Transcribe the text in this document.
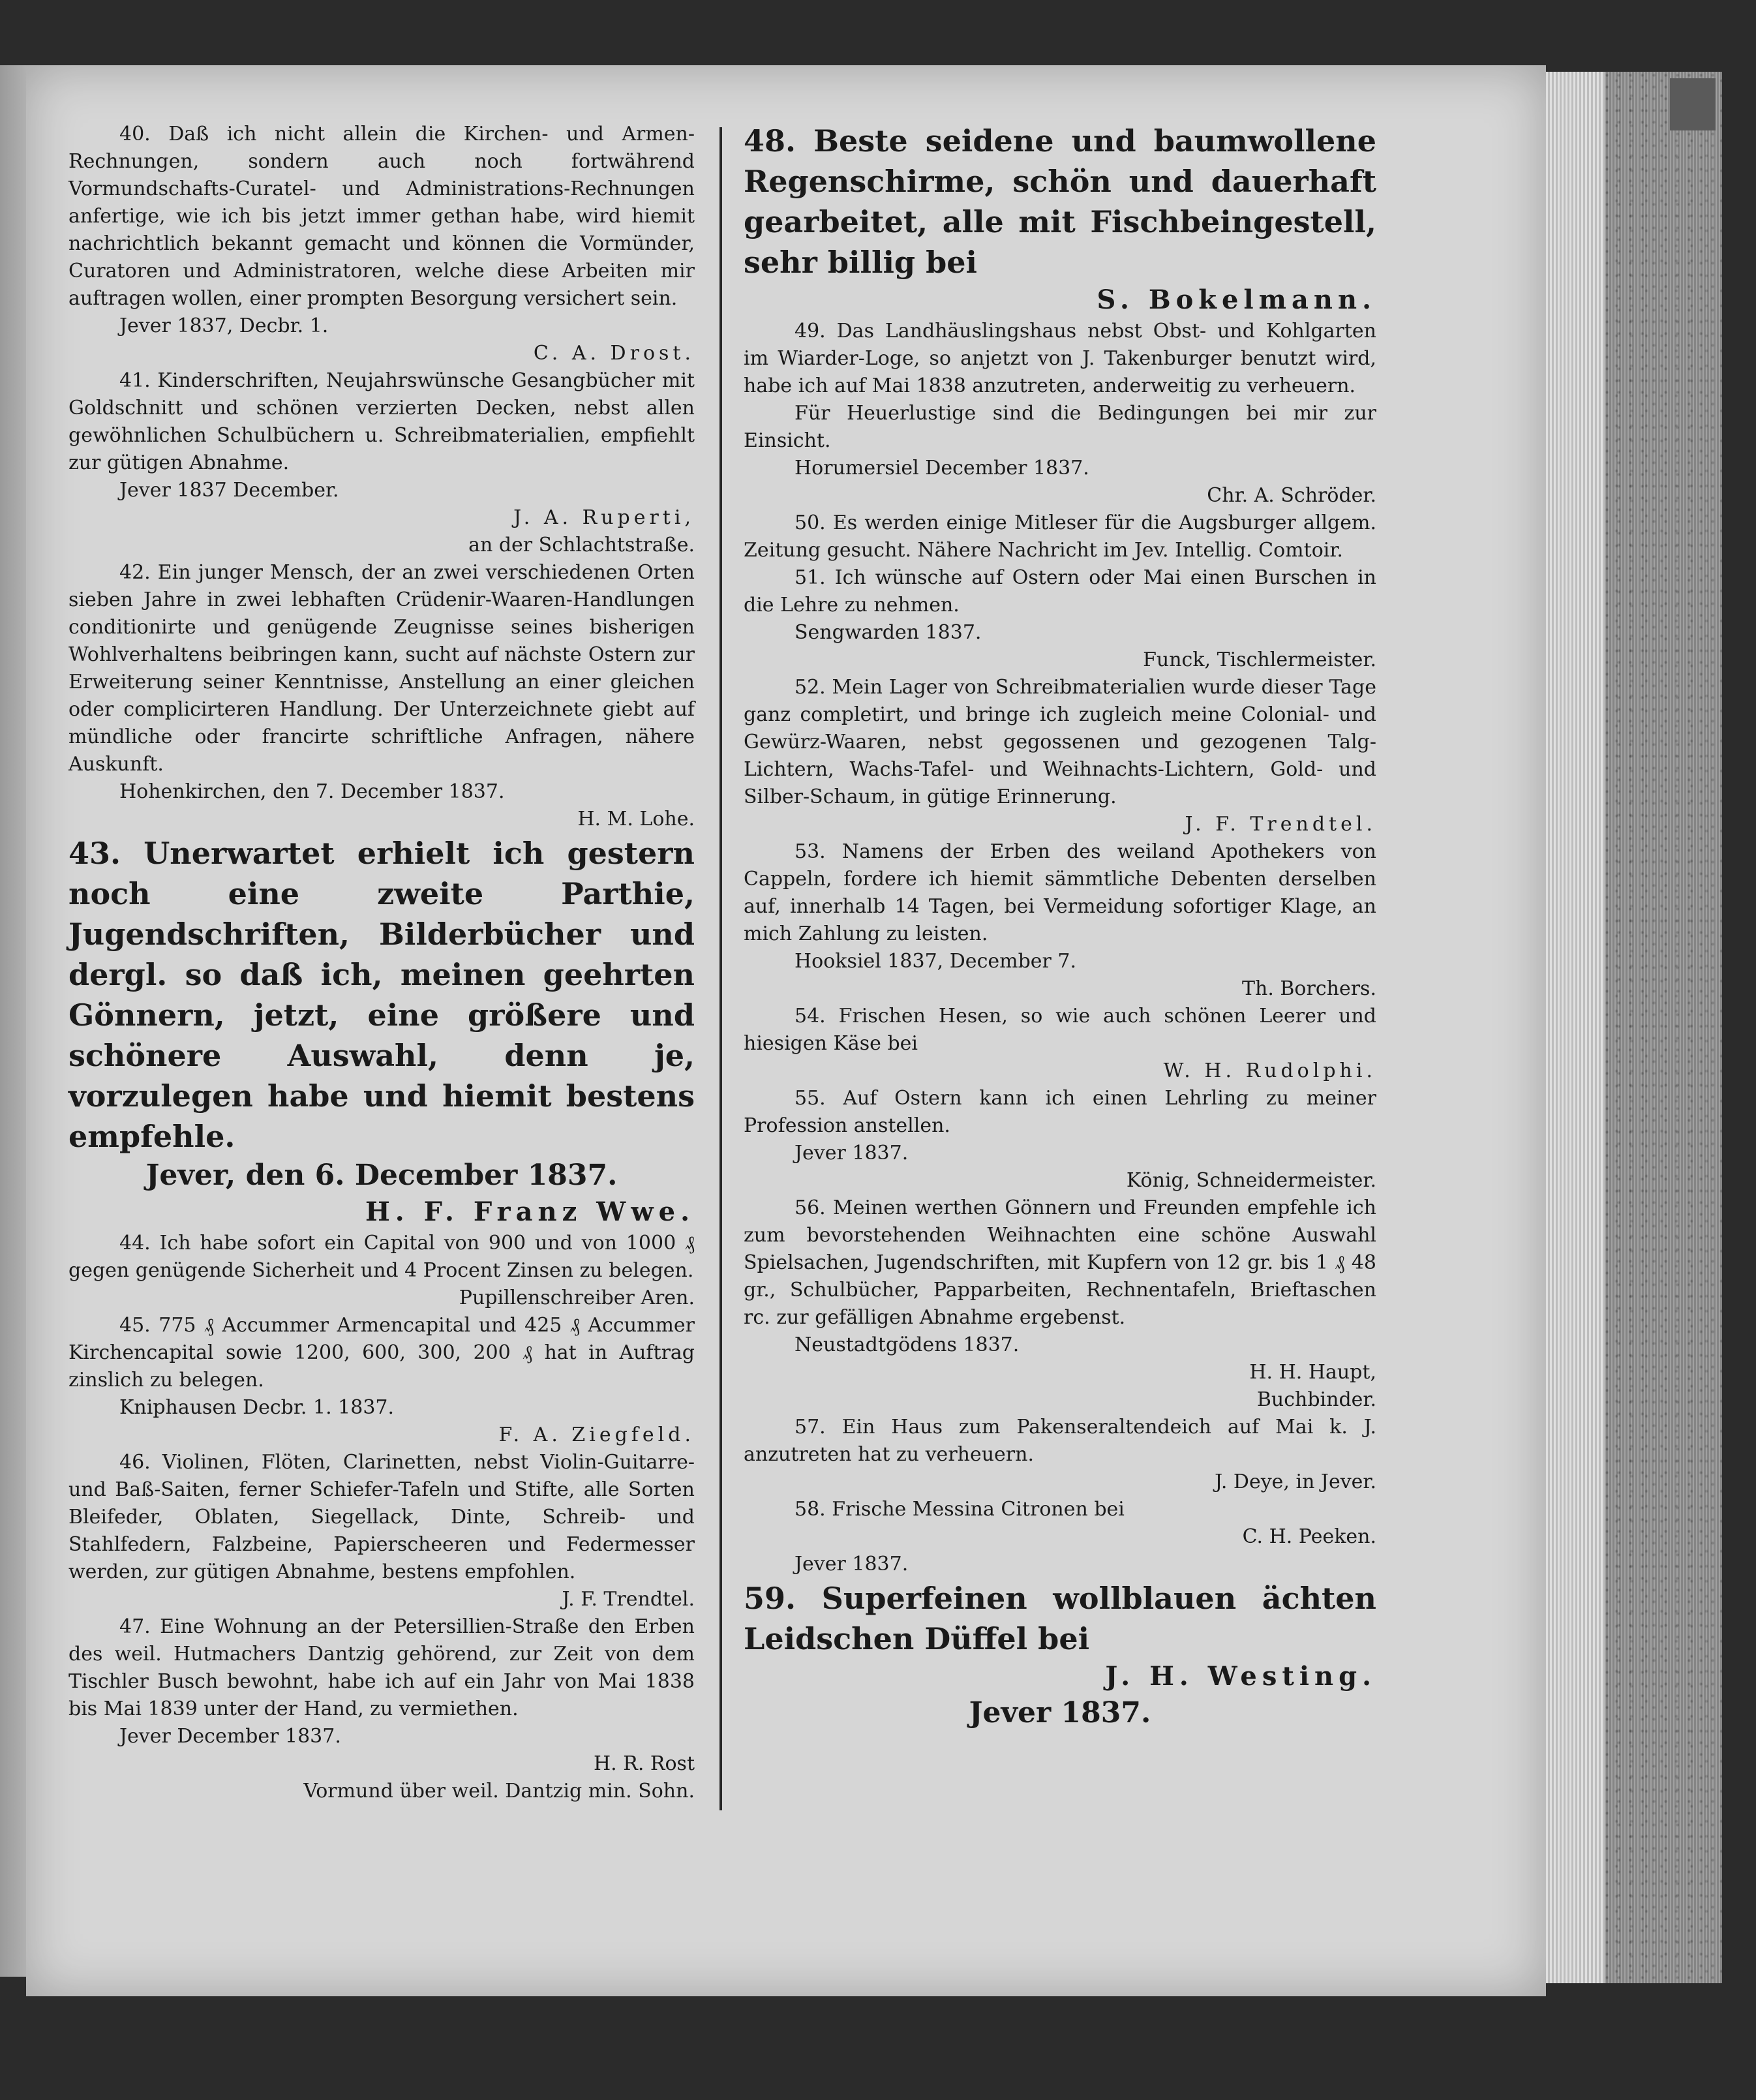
40. Daß ich nicht allein die Kirchen- und Armen-Rechnungen, sondern auch noch fortwährend Vormundschafts-Curatel- und Administrations-Rechnungen anfertige, wie ich bis jetzt immer gethan habe, wird hiemit nachrichtlich bekannt gemacht und können die Vormünder, Curatoren und Administratoren, welche diese Arbeiten mir auftragen wollen, einer prompten Besorgung versichert sein.

Jever 1837, Decbr. 1.

C. A. Drost.

41. Kinderschriften, Neujahrswünsche Gesangbücher mit Goldschnitt und schönen verzierten Decken, nebst allen gewöhnlichen Schulbüchern u. Schreibmaterialien, empfiehlt zur gütigen Abnahme.

Jever 1837 December.

J. A. Ruperti,

an der Schlachtstraße.

42. Ein junger Mensch, der an zwei verschiedenen Orten sieben Jahre in zwei lebhaften Crüdenir-Waaren-Handlungen conditionirte und genügende Zeugnisse seines bisherigen Wohlverhaltens beibringen kann, sucht auf nächste Ostern zur Erweiterung seiner Kenntnisse, Anstellung an einer gleichen oder complicirteren Handlung. Der Unterzeichnete giebt auf mündliche oder francirte schriftliche Anfragen, nähere Auskunft.

Hohenkirchen, den 7. December 1837.

H. M. Lohe.

43. Unerwartet erhielt ich gestern noch eine zweite Parthie, Jugendschriften, Bilderbücher und dergl. so daß ich, meinen geehrten Gönnern, jetzt, eine größere und schönere Auswahl, denn je, vorzulegen habe und hiemit bestens empfehle.

Jever, den 6. December 1837.

H. F. Franz Wwe.

44. Ich habe sofort ein Capital von 900 und von 1000 ₰ gegen genügende Sicherheit und 4 Procent Zinsen zu belegen.

Pupillenschreiber Aren.

45. 775 ₰ Accummer Armencapital und 425 ₰ Accummer Kirchencapital sowie 1200, 600, 300, 200 ₰ hat in Auftrag zinslich zu belegen.

Kniphausen Decbr. 1. 1837.

F. A. Ziegfeld.

46. Violinen, Flöten, Clarinetten, nebst Violin-Guitarre- und Baß-Saiten, ferner Schiefer-Tafeln und Stifte, alle Sorten Bleifeder, Oblaten, Siegellack, Dinte, Schreib- und Stahlfedern, Falzbeine, Papierscheeren und Federmesser werden, zur gütigen Abnahme, bestens empfohlen.

J. F. Trendtel.

47. Eine Wohnung an der Petersillien-Straße den Erben des weil. Hutmachers Dantzig gehörend, zur Zeit von dem Tischler Busch bewohnt, habe ich auf ein Jahr von Mai 1838 bis Mai 1839 unter der Hand, zu vermiethen.

Jever December 1837.

H. R. Rost

Vormund über weil. Dantzig min. Sohn.

48. Beste seidene und baumwollene Regenschirme, schön und dauerhaft gearbeitet, alle mit Fischbeingestell, sehr billig bei

S. Bokelmann.

49. Das Landhäuslingshaus nebst Obst- und Kohlgarten im Wiarder-Loge, so anjetzt von J. Takenburger benutzt wird, habe ich auf Mai 1838 anzutreten, anderweitig zu verheuern.

Für Heuerlustige sind die Bedingungen bei mir zur Einsicht.

Horumersiel December 1837.

Chr. A. Schröder.

50. Es werden einige Mitleser für die Augsburger allgem. Zeitung gesucht. Nähere Nachricht im Jev. Intellig. Comtoir.

51. Ich wünsche auf Ostern oder Mai einen Burschen in die Lehre zu nehmen.

Sengwarden 1837.

Funck, Tischlermeister.

52. Mein Lager von Schreibmaterialien wurde dieser Tage ganz completirt, und bringe ich zugleich meine Colonial- und Gewürz-Waaren, nebst gegossenen und gezogenen Talg-Lichtern, Wachs-Tafel- und Weihnachts-Lichtern, Gold- und Silber-Schaum, in gütige Erinnerung.

J. F. Trendtel.

53. Namens der Erben des weiland Apothekers von Cappeln, fordere ich hiemit sämmtliche Debenten derselben auf, innerhalb 14 Tagen, bei Vermeidung sofortiger Klage, an mich Zahlung zu leisten.

Hooksiel 1837, December 7.

Th. Borchers.

54. Frischen Hesen, so wie auch schönen Leerer und hiesigen Käse bei

W. H. Rudolphi.

55. Auf Ostern kann ich einen Lehrling zu meiner Profession anstellen.

Jever 1837.

König, Schneidermeister.

56. Meinen werthen Gönnern und Freunden empfehle ich zum bevorstehenden Weihnachten eine schöne Auswahl Spielsachen, Jugendschriften, mit Kupfern von 12 gr. bis 1 ₰ 48 gr., Schulbücher, Papparbeiten, Rechnentafeln, Brieftaschen rc. zur gefälligen Abnahme ergebenst.

Neustadtgödens 1837.

H. H. Haupt,

Buchbinder.

57. Ein Haus zum Pakenseraltendeich auf Mai k. J. anzutreten hat zu verheuern.

J. Deye, in Jever.

58. Frische Messina Citronen bei

C. H. Peeken.

Jever 1837.

59. Superfeinen wollblauen ächten Leidschen Düffel bei

J. H. Westing.

Jever 1837.
